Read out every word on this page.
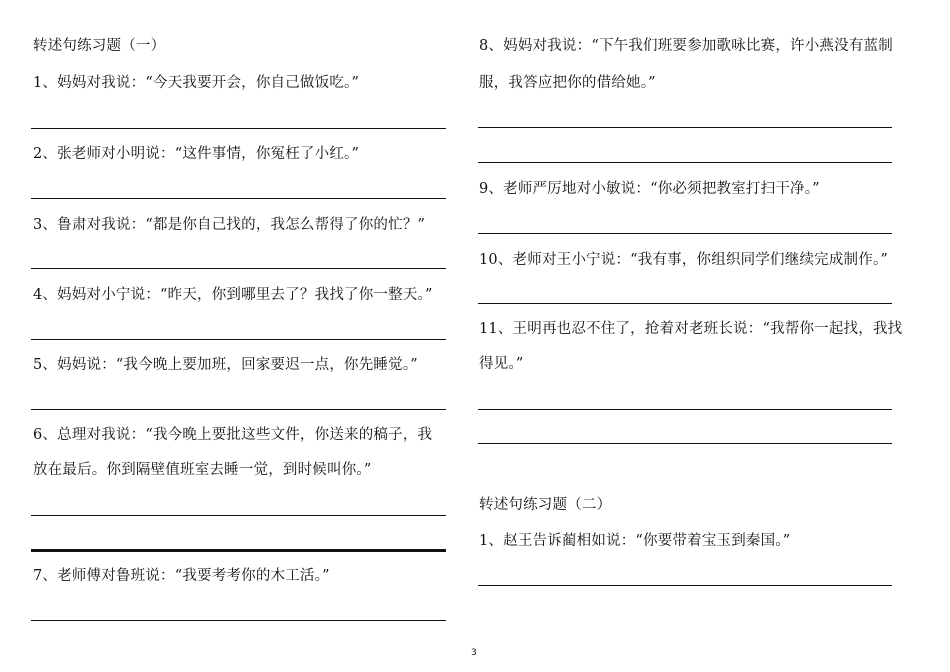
转述句练习题（一）
1、妈妈对我说：“今天我要开会，你自己做饭吃。”
2、张老师对小明说：“这件事情，你冤枉了小红。”
3、鲁肃对我说：“都是你自己找的，我怎么帮得了你的忙？”
4、妈妈对小宁说：“昨天，你到哪里去了？我找了你一整天。”
5、妈妈说：“我今晚上要加班，回家要迟一点，你先睡觉。”
6、总理对我说：“我今晚上要批这些文件，你送来的稿子，我
放在最后。你到隔壁值班室去睡一觉，到时候叫你。”
7、老师傅对鲁班说：“我要考考你的木工活。”
8、妈妈对我说：“下午我们班要参加歌咏比赛，许小燕没有蓝制
服，我答应把你的借给她。”
9、老师严厉地对小敏说：“你必须把教室打扫干净。”
10、老师对王小宁说：“我有事，你组织同学们继续完成制作。”
11、王明再也忍不住了，抢着对老班长说：“我帮你一起找，我找
得见。”
转述句练习题（二）
1、赵王告诉蔺相如说：“你要带着宝玉到秦国。”
3
